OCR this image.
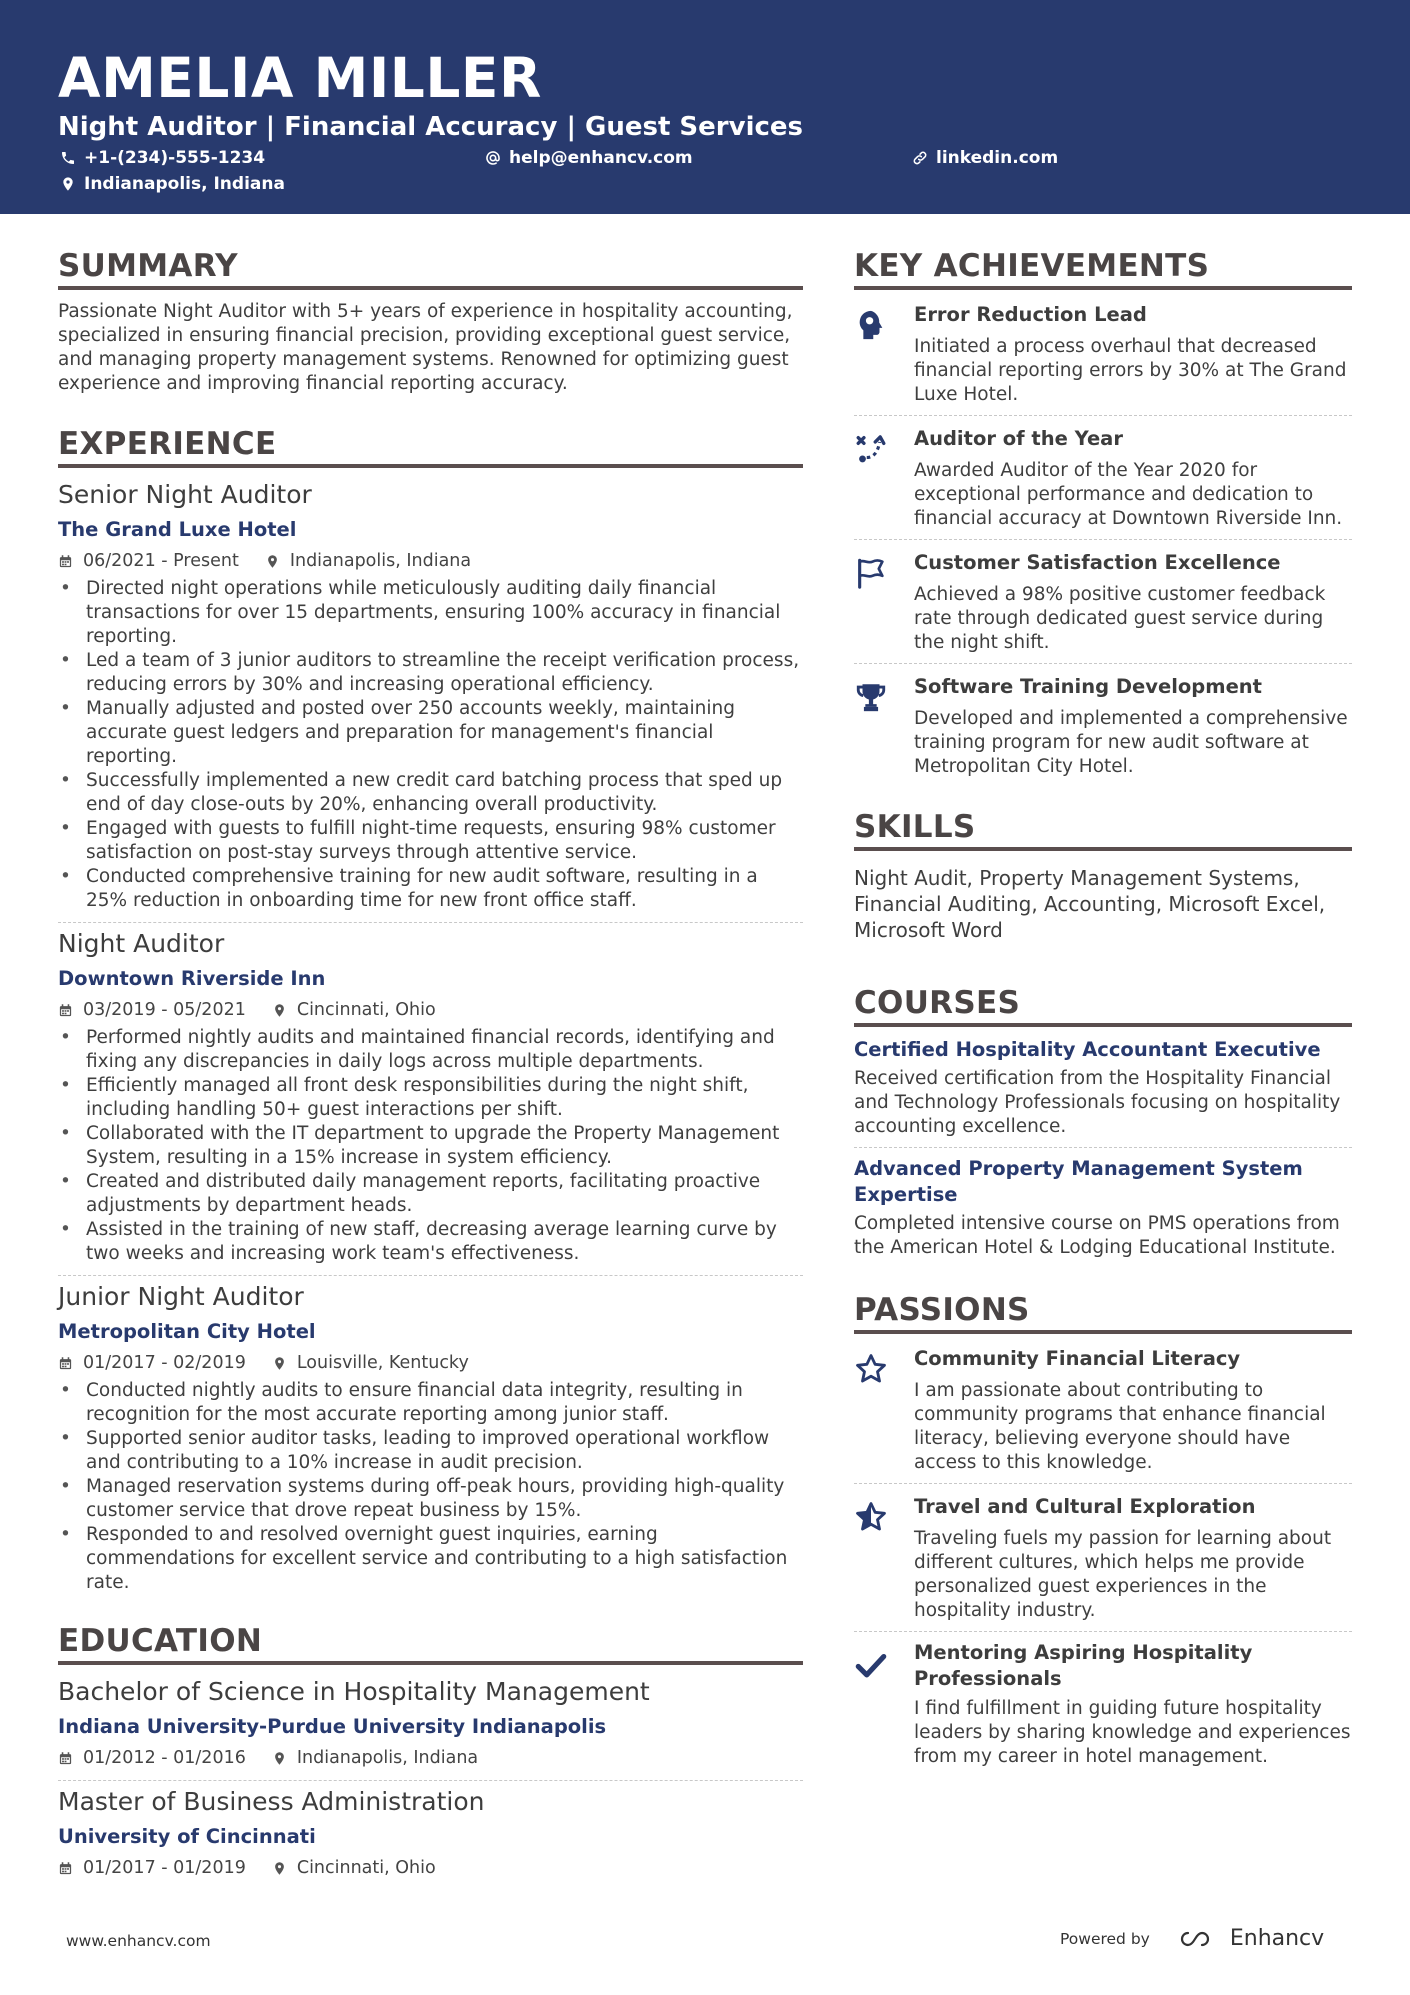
AMELIA MILLER
Night Auditor | Financial Accuracy | Guest Services
+1-(234)-555-1234	help@enhancv.com	linkedin.com
Indianapolis, Indiana
SUMMARY
Passionate Night Auditor with 5+ years of experience in hospitality accounting, specialized in ensuring financial precision, providing exceptional guest service, and managing property management systems. Renowned for optimizing guest experience and improving financial reporting accuracy.
EXPERIENCE
Senior Night Auditor
The Grand Luxe Hotel
06/2021 - Present	Indianapolis, Indiana
• Directed night operations while meticulously auditing daily financial transactions for over 15 departments, ensuring 100% accuracy in financial reporting.
• Led a team of 3 junior auditors to streamline the receipt verification process, reducing errors by 30% and increasing operational efficiency.
• Manually adjusted and posted over 250 accounts weekly, maintaining accurate guest ledgers and preparation for management's financial reporting.
• Successfully implemented a new credit card batching process that sped up end of day close-outs by 20%, enhancing overall productivity.
• Engaged with guests to fulfill night-time requests, ensuring 98% customer satisfaction on post-stay surveys through attentive service.
• Conducted comprehensive training for new audit software, resulting in a 25% reduction in onboarding time for new front office staff.
Night Auditor
Downtown Riverside Inn
03/2019 - 05/2021	Cincinnati, Ohio
• Performed nightly audits and maintained financial records, identifying and fixing any discrepancies in daily logs across multiple departments.
• Efficiently managed all front desk responsibilities during the night shift, including handling 50+ guest interactions per shift.
• Collaborated with the IT department to upgrade the Property Management System, resulting in a 15% increase in system efficiency.
• Created and distributed daily management reports, facilitating proactive adjustments by department heads.
• Assisted in the training of new staff, decreasing average learning curve by two weeks and increasing work team's effectiveness.
Junior Night Auditor
Metropolitan City Hotel
01/2017 - 02/2019	Louisville, Kentucky
• Conducted nightly audits to ensure financial data integrity, resulting in recognition for the most accurate reporting among junior staff.
• Supported senior auditor tasks, leading to improved operational workflow and contributing to a 10% increase in audit precision.
• Managed reservation systems during off-peak hours, providing high-quality customer service that drove repeat business by 15%.
• Responded to and resolved overnight guest inquiries, earning commendations for excellent service and contributing to a high satisfaction rate.
EDUCATION
Bachelor of Science in Hospitality Management
Indiana University-Purdue University Indianapolis
01/2012 - 01/2016	Indianapolis, Indiana
Master of Business Administration
University of Cincinnati
01/2017 - 01/2019	Cincinnati, Ohio
KEY ACHIEVEMENTS
Error Reduction Lead
Initiated a process overhaul that decreased financial reporting errors by 30% at The Grand Luxe Hotel.
Auditor of the Year
Awarded Auditor of the Year 2020 for exceptional performance and dedication to financial accuracy at Downtown Riverside Inn.
Customer Satisfaction Excellence
Achieved a 98% positive customer feedback rate through dedicated guest service during the night shift.
Software Training Development
Developed and implemented a comprehensive training program for new audit software at Metropolitan City Hotel.
SKILLS
Night Audit, Property Management Systems, Financial Auditing, Accounting, Microsoft Excel, Microsoft Word
COURSES
Certified Hospitality Accountant Executive
Received certification from the Hospitality Financial and Technology Professionals focusing on hospitality accounting excellence.
Advanced Property Management System Expertise
Completed intensive course on PMS operations from the American Hotel & Lodging Educational Institute.
PASSIONS
Community Financial Literacy
I am passionate about contributing to community programs that enhance financial literacy, believing everyone should have access to this knowledge.
Travel and Cultural Exploration
Traveling fuels my passion for learning about different cultures, which helps me provide personalized guest experiences in the hospitality industry.
Mentoring Aspiring Hospitality Professionals
I find fulfillment in guiding future hospitality leaders by sharing knowledge and experiences from my career in hotel management.
www.enhancv.com	Powered by	Enhancv
